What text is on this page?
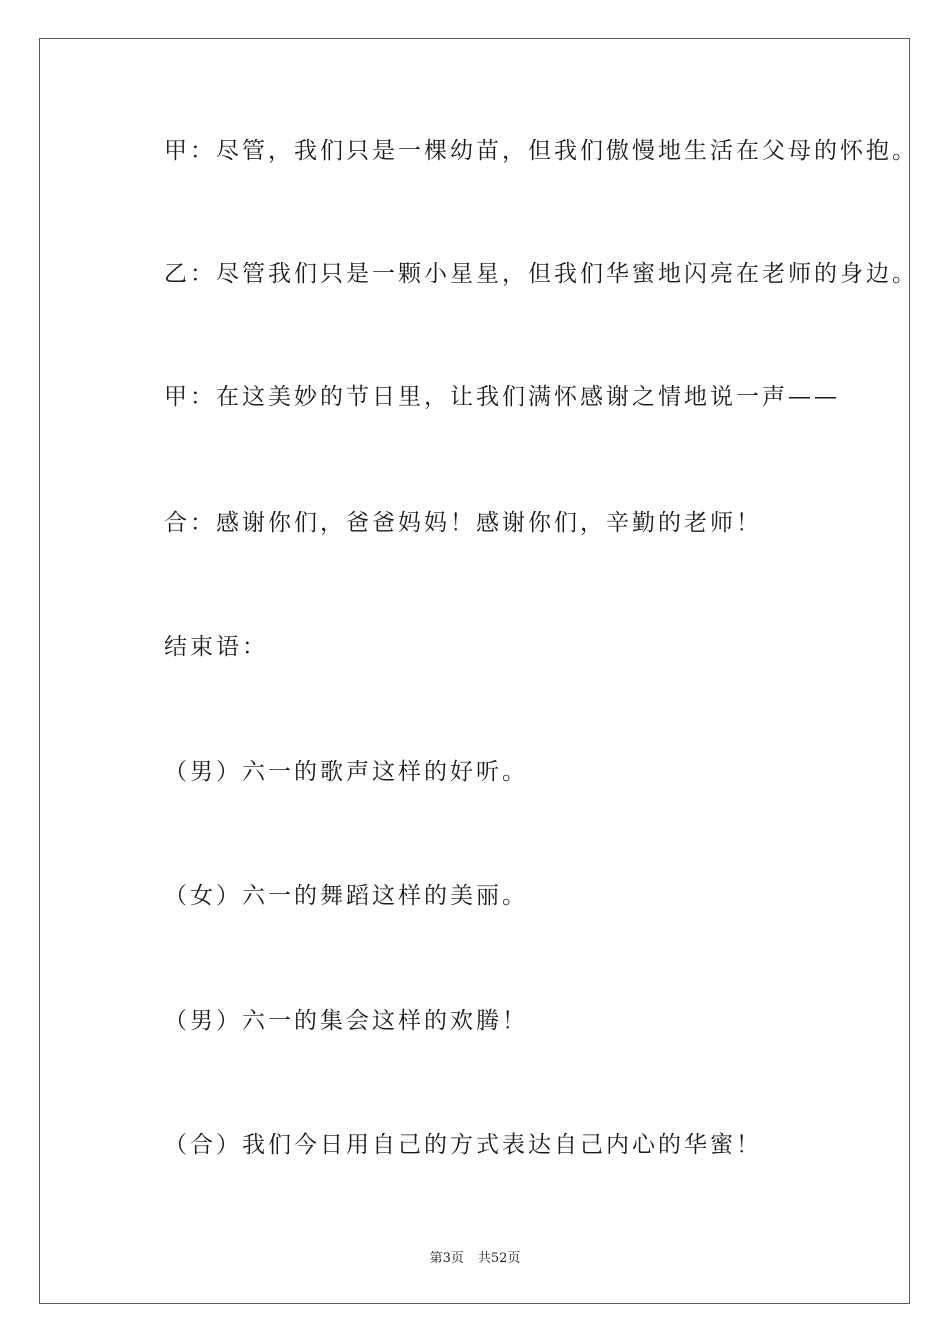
甲：尽管，我们只是一棵幼苗，但我们傲慢地生活在父母的怀抱。
乙：尽管我们只是一颗小星星，但我们华蜜地闪亮在老师的身边。
甲：在这美妙的节日里，让我们满怀感谢之情地说一声——
合：感谢你们，爸爸妈妈！感谢你们，辛勤的老师！
结束语：
（男）六一的歌声这样的好听。
（女）六一的舞蹈这样的美丽。
（男）六一的集会这样的欢腾！
（合）我们今日用自己的方式表达自己内心的华蜜！
第3页 共52页
